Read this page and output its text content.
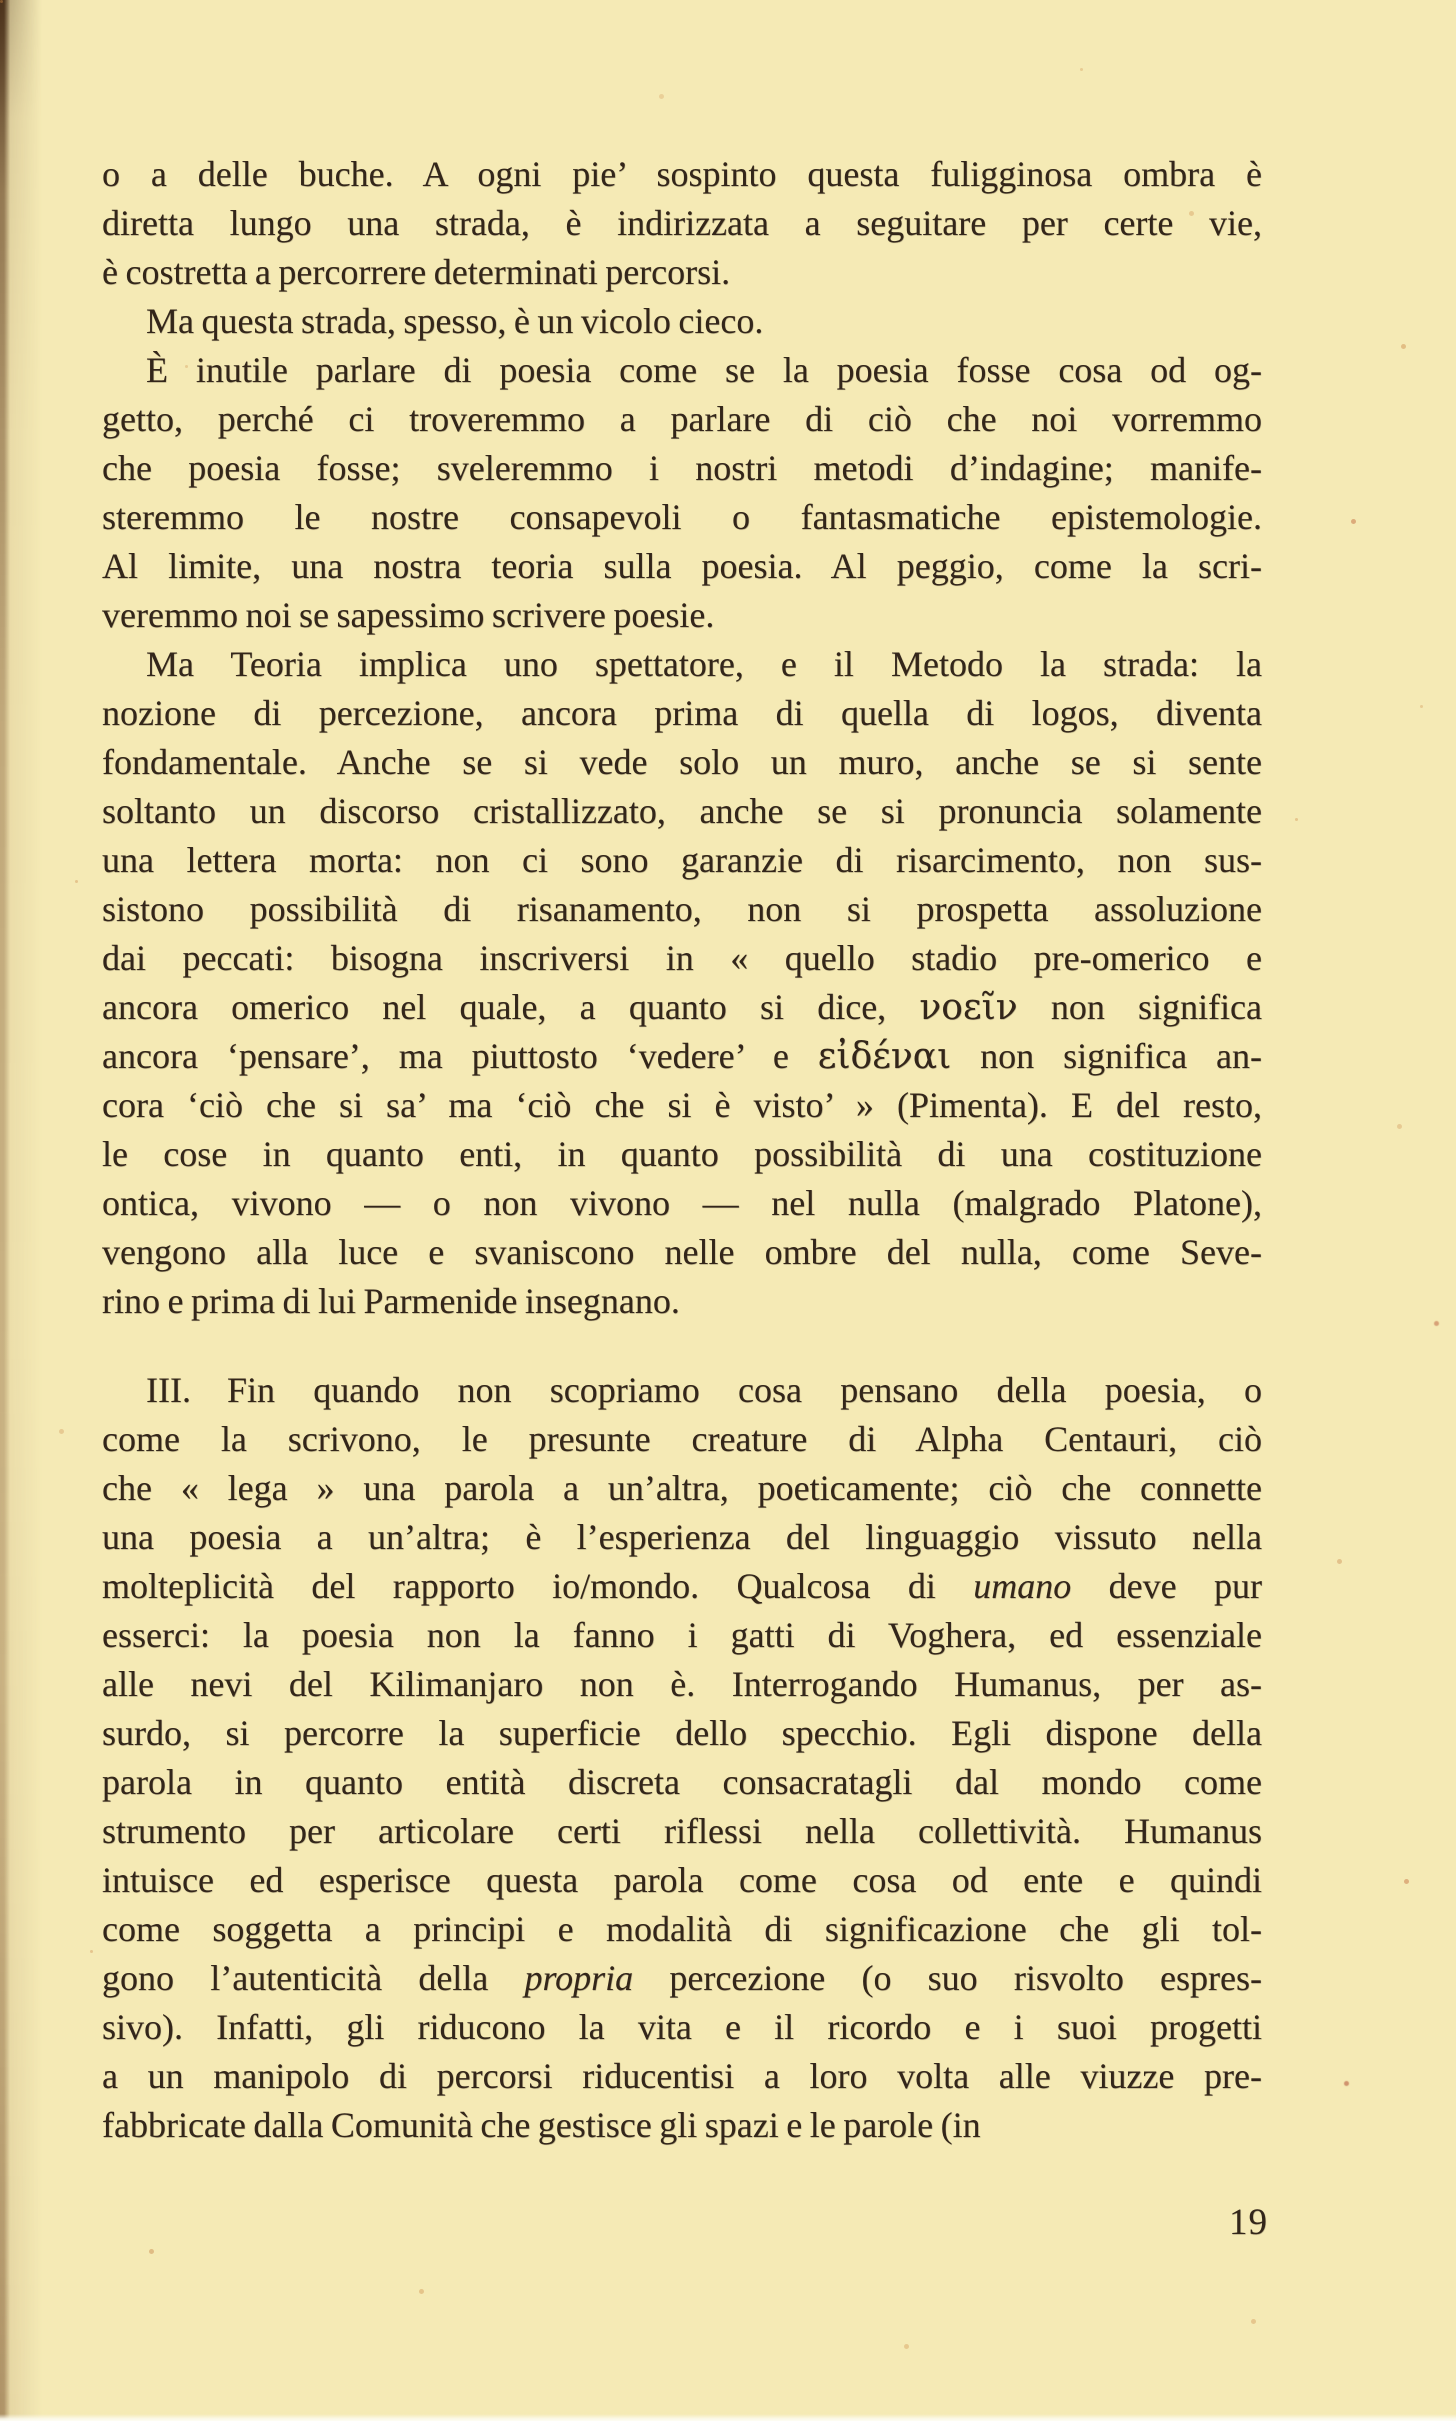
o a delle buche. A ogni pie’ sospinto questa fuligginosa ombra è
diretta lungo una strada, è indirizzata a seguitare per certe vie,
è costretta a percorrere determinati percorsi.
Ma questa strada, spesso, è un vicolo cieco.
È inutile parlare di poesia come se la poesia fosse cosa od og-
getto, perché ci troveremmo a parlare di ciò che noi vorremmo
che poesia fosse; sveleremmo i nostri metodi d’indagine; manife-
steremmo le nostre consapevoli o fantasmatiche epistemologie.
Al limite, una nostra teoria sulla poesia. Al peggio, come la scri-
veremmo noi se sapessimo scrivere poesie.
Ma Teoria implica uno spettatore, e il Metodo la strada: la
nozione di percezione, ancora prima di quella di logos, diventa
fondamentale. Anche se si vede solo un muro, anche se si sente
soltanto un discorso cristallizzato, anche se si pronuncia solamente
una lettera morta: non ci sono garanzie di risarcimento, non sus-
sistono possibilità di risanamento, non si prospetta assoluzione
dai peccati: bisogna inscriversi in « quello stadio pre-omerico e
ancora omerico nel quale, a quanto si dice, νοεῖν non significa
ancora ‘pensare’, ma piuttosto ‘vedere’ e εἰδέναι non significa an-
cora ‘ciò che si sa’ ma ‘ciò che si è visto’ » (Pimenta). E del resto,
le cose in quanto enti, in quanto possibilità di una costituzione
ontica, vivono — o non vivono — nel nulla (malgrado Platone),
vengono alla luce e svaniscono nelle ombre del nulla, come Seve-
rino e prima di lui Parmenide insegnano.
III. Fin quando non scopriamo cosa pensano della poesia, o
come la scrivono, le presunte creature di Alpha Centauri, ciò
che « lega » una parola a un’altra, poeticamente; ciò che connette
una poesia a un’altra; è l’esperienza del linguaggio vissuto nella
molteplicità del rapporto io/mondo. Qualcosa di umano deve pur
esserci: la poesia non la fanno i gatti di Voghera, ed essenziale
alle nevi del Kilimanjaro non è. Interrogando Humanus, per as-
surdo, si percorre la superficie dello specchio. Egli dispone della
parola in quanto entità discreta consacratagli dal mondo come
strumento per articolare certi riflessi nella collettività. Humanus
intuisce ed esperisce questa parola come cosa od ente e quindi
come soggetta a principi e modalità di significazione che gli tol-
gono l’autenticità della propria percezione (o suo risvolto espres-
sivo). Infatti, gli riducono la vita e il ricordo e i suoi progetti
a un manipolo di percorsi riducentisi a loro volta alle viuzze pre-
fabbricate dalla Comunità che gestisce gli spazi e le parole (in
19
